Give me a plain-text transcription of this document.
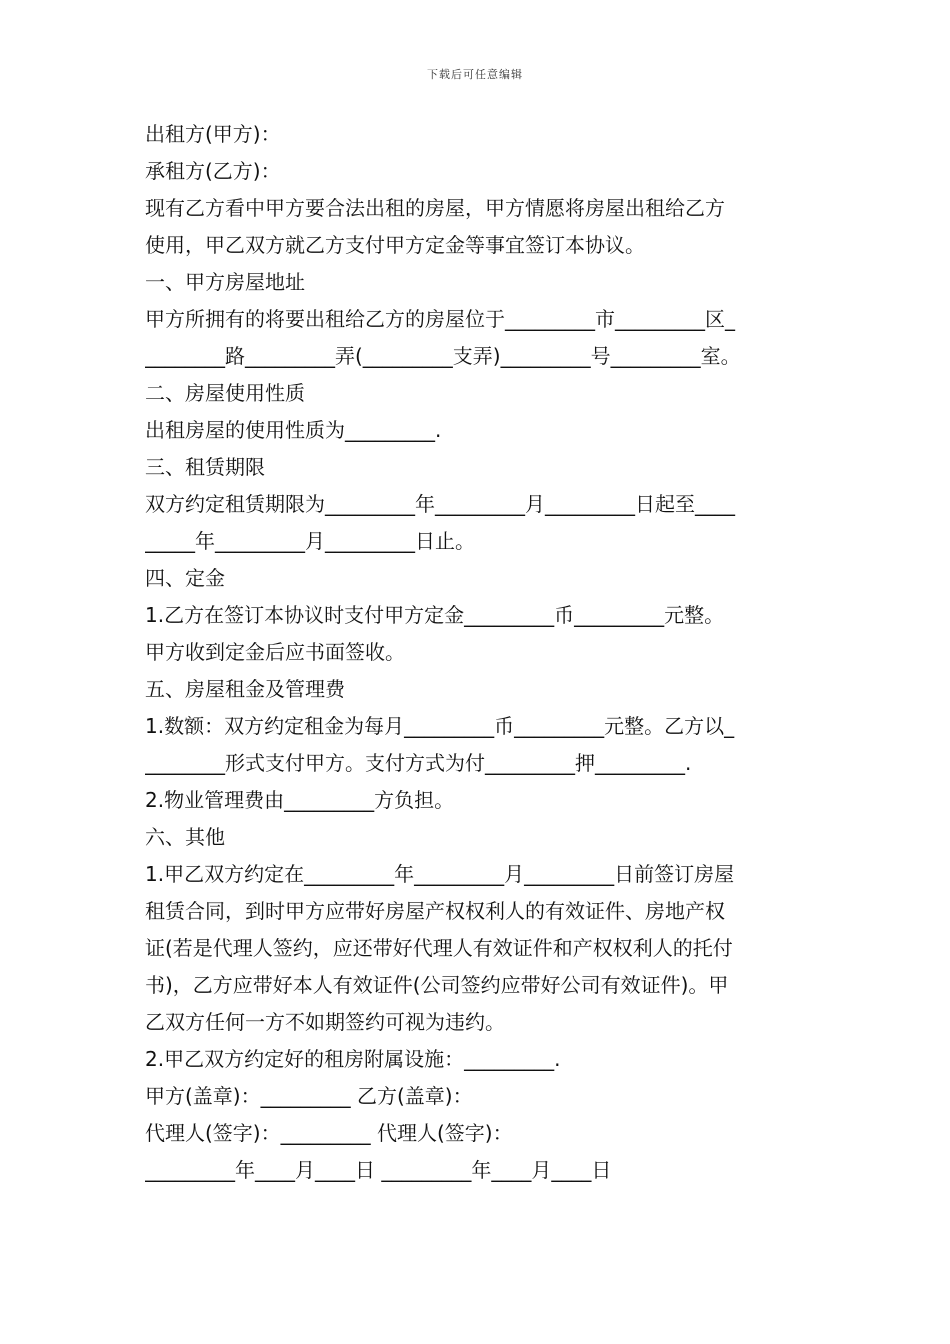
下载后可任意编辑
出租方(甲方)：
承租方(乙方)：
现有乙方看中甲方要合法出租的房屋，甲方情愿将房屋出租给乙方
使用，甲乙双方就乙方支付甲方定金等事宜签订本协议。
一、甲方房屋地址
甲方所拥有的将要出租给乙方的房屋位于_________市_________区_
________路_________弄(_________支弄)_________号_________室。
二、房屋使用性质
出租房屋的使用性质为_________.
三、租赁期限
双方约定租赁期限为_________年_________月_________日起至____
_____年_________月_________日止。
四、定金
1.乙方在签订本协议时支付甲方定金_________币_________元整。
甲方收到定金后应书面签收。
五、房屋租金及管理费
1.数额：双方约定租金为每月_________币_________元整。乙方以_
________形式支付甲方。支付方式为付_________押_________.
2.物业管理费由_________方负担。
六、其他
1.甲乙双方约定在_________年_________月_________日前签订房屋
租赁合同，到时甲方应带好房屋产权权利人的有效证件、房地产权
证(若是代理人签约，应还带好代理人有效证件和产权权利人的托付
书)，乙方应带好本人有效证件(公司签约应带好公司有效证件)。甲
乙双方任何一方不如期签约可视为违约。
2.甲乙双方约定好的租房附属设施：_________.
甲方(盖章)：_________ 乙方(盖章)：
代理人(签字)：_________ 代理人(签字)：
_________年____月____日 _________年____月____日
